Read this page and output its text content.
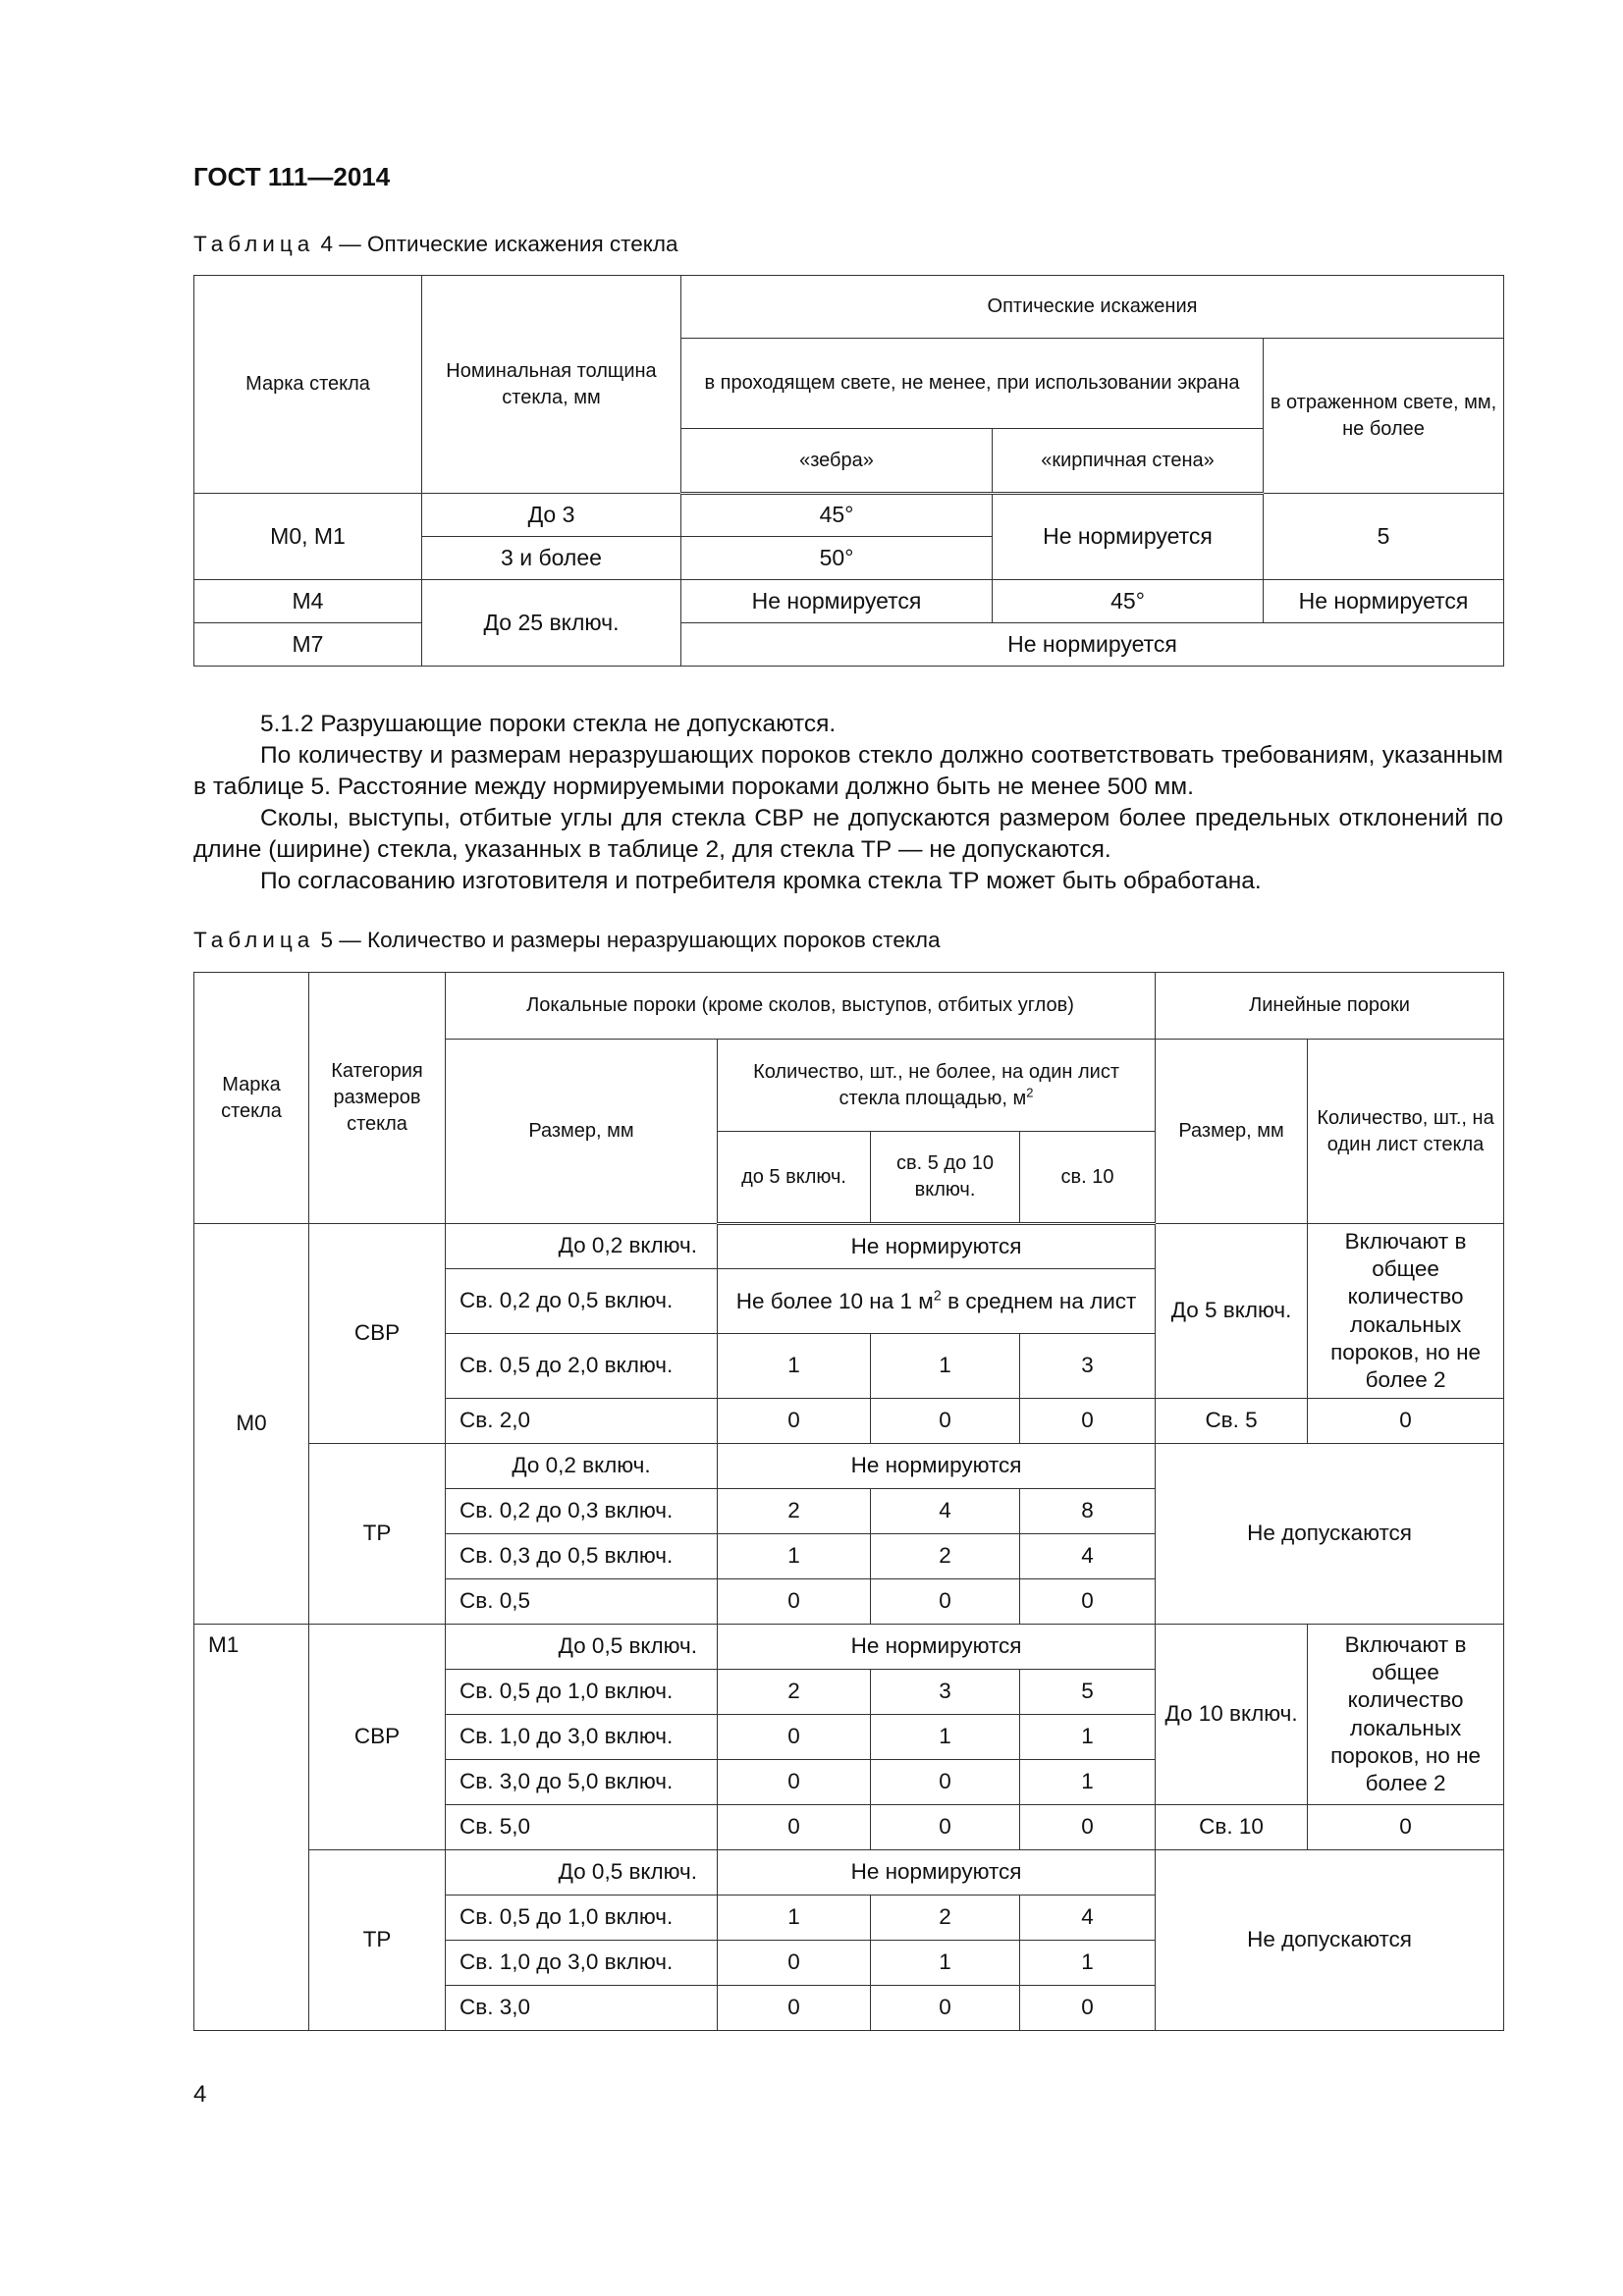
ГОСТ 111—2014
Таблица 4 — Оптические искажения стекла
Марка стекла	Номинальная толщина стекла, мм	Оптические искажения		
		в проходящем свете, не менее, при использовании экрана		в отраженном свете, мм, не более
		«зебра»	«кирпичная стена»	
М0, М1	До 3	45°	Не нормируется	5
	3 и более	50°		
М4	До 25 включ.	Не нормируется	45°	Не нормируется
М7		Не нормируется		

5.1.2 Разрушающие пороки стекла не допускаются.

По количеству и размерам неразрушающих пороков стекло должно соответствовать требованиям, указанным в таблице 5. Расстояние между нормируемыми пороками должно быть не менее 500 мм.

Сколы, выступы, отбитые углы для стекла СВР не допускаются размером более предельных отклонений по длине (ширине) стекла, указанных в таблице 2, для стекла ТР — не допускаются.

По согласованию изготовителя и потребителя кромка стекла ТР может быть обработана.

Таблица 5 — Количество и размеры неразрушающих пороков стекла
Марка стекла	Категория размеров стекла	Локальные пороки (кроме сколов, выступов, отбитых углов)				Линейные пороки	
		Размер, мм	Количество, шт., не более, на один лист стекла площадью, $м^2$			Размер, мм	Количество, шт., на один лист стекла
			до 5 включ.	св. 5 до 10 включ.	св. 10		
М0	СВР	До 0,2 включ.	Не нормируются			До 5 включ.	Включают в общее количество локальных пороков, но не более 2
		Св. 0,2 до 0,5 включ.	Не более 10 на 1 $м^2$ в среднем на лист				
		Св. 0,5 до 2,0 включ.	1	1	3		
		Св. 2,0	0	0	0	Св. 5	0
	ТР	До 0,2 включ.	Не нормируются			Не допускаются	
		Св. 0,2 до 0,3 включ.	2	4	8		
		Св. 0,3 до 0,5 включ.	1	2	4		
		Св. 0,5	0	0	0		
М1	СВР	До 0,5 включ.	Не нормируются			До 10 включ.	Включают в общее количество локальных пороков, но не более 2
		Св. 0,5 до 1,0 включ.	2	3	5		
		Св. 1,0 до 3,0 включ.	0	1	1		
		Св. 3,0 до 5,0 включ.	0	0	1		
		Св. 5,0	0	0	0	Св. 10	0
	ТР	До 0,5 включ.	Не нормируются			Не допускаются	
		Св. 0,5 до 1,0 включ.	1	2	4		
		Св. 1,0 до 3,0 включ.	0	1	1		
		Св. 3,0	0	0	0		
4
